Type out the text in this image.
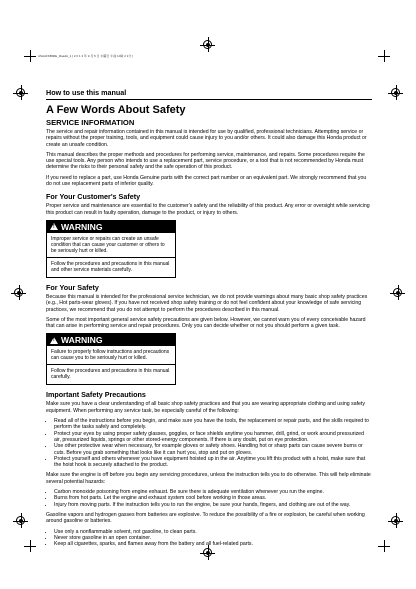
ASAAFKB00E_RoadA_1 [ 2 0 1 3 年 9 月 5 日 木曜日 午前 10時 2 1分 ]
How to use this manual
A Few Words About Safety
SERVICE INFORMATION

The service and repair information contained in this manual is intended for use by qualified, professional technicians. Attempting service or repairs without the proper training, tools, and equipment could cause injury to you and/or others. It could also damage this Honda product or create an unsafe condition.

This manual describes the proper methods and procedures for performing service, maintenance, and repairs. Some procedures require the use special tools. Any person who intends to use a replacement part, service procedure, or a tool that is not recommended by Honda must determine the risks to their personal safety and the safe operation of this product.

If you need to replace a part, use Honda Genuine parts with the correct part number or an equivalent part. We strongly recommend that you do not use replacement parts of inferior quality.

For Your Customer's Safety

Proper service and maintenance are essential to the customer's safety and the reliability of this product. Any error or oversight while servicing this product can result in faulty operation, damage to the product, or injury to others.

! WARNING

Improper service or repairs can create an unsafe condition that can cause your customer or others to be seriously hurt or killed.

Follow the procedures and precautions in this manual and other service materials carefully.

For Your Safety

Because this manual is intended for the professional service technician, we do not provide warnings about many basic shop safety practices (e.g., Hot parts-wear gloves). If you have not received shop safety training or do not feel confident about your knowledge of safe servicing practices, we recommend that you do not attempt to perform the procedures described in this manual.

Some of the most important general service safety precautions are given below. However, we cannot warn you of every conceivable hazard that can arise in performing service and repair procedures. Only you can decide whether or not you should perform a given task.

! WARNING

Failure to properly follow instructions and precautions can cause you to be seriously hurt or killed.

Follow the procedures and precautions in this manual carefully.

Important Safety Precautions

Make sure you have a clear understanding of all basic shop safety practices and that you are wearing appropriate clothing and using safety equipment. When performing any service task, be especially careful of the following:

• Read all of the instructions before you begin, and make sure you have the tools, the replacement or repair parts, and the skills required to perform the tasks safely and completely.
• Protect your eyes by using proper safety glasses, goggles, or face shields anytime you hammer, drill, grind, or work around pressurized air, pressurized liquids, springs or other stored-energy components. If there is any doubt, put on eye protection.
• Use other protective wear when necessary, for example gloves or safety shoes. Handling hot or sharp parts can cause severe burns or cuts. Before you grab something that looks like it can hurt you, stop and put on gloves.
• Protect yourself and others whenever you have equipment hoisted up in the air. Anytime you lift this product with a hoist, make sure that the hoist hook is securely attached to the product.

Make sure the engine is off before you begin any servicing procedures, unless the instruction tells you to do otherwise. This will help eliminate several potential hazards:

• Carbon monoxide poisoning from engine exhaust. Be sure there is adequate ventilation whenever you run the engine.
• Burns from hot parts. Let the engine and exhaust system cool before working in those areas.
• Injury from moving parts. If the instruction tells you to run the engine, be sure your hands, fingers, and clothing are out of the way.

Gasoline vapors and hydrogen gasses from batteries are explosive. To reduce the possibility of a fire or explosion, be careful when working around gasoline or batteries.

• Use only a nonflammable solvent, not gasoline, to clean parts.
• Never store gasoline in an open container.
• Keep all cigarettes, sparks, and flames away from the battery and all fuel-related parts.
